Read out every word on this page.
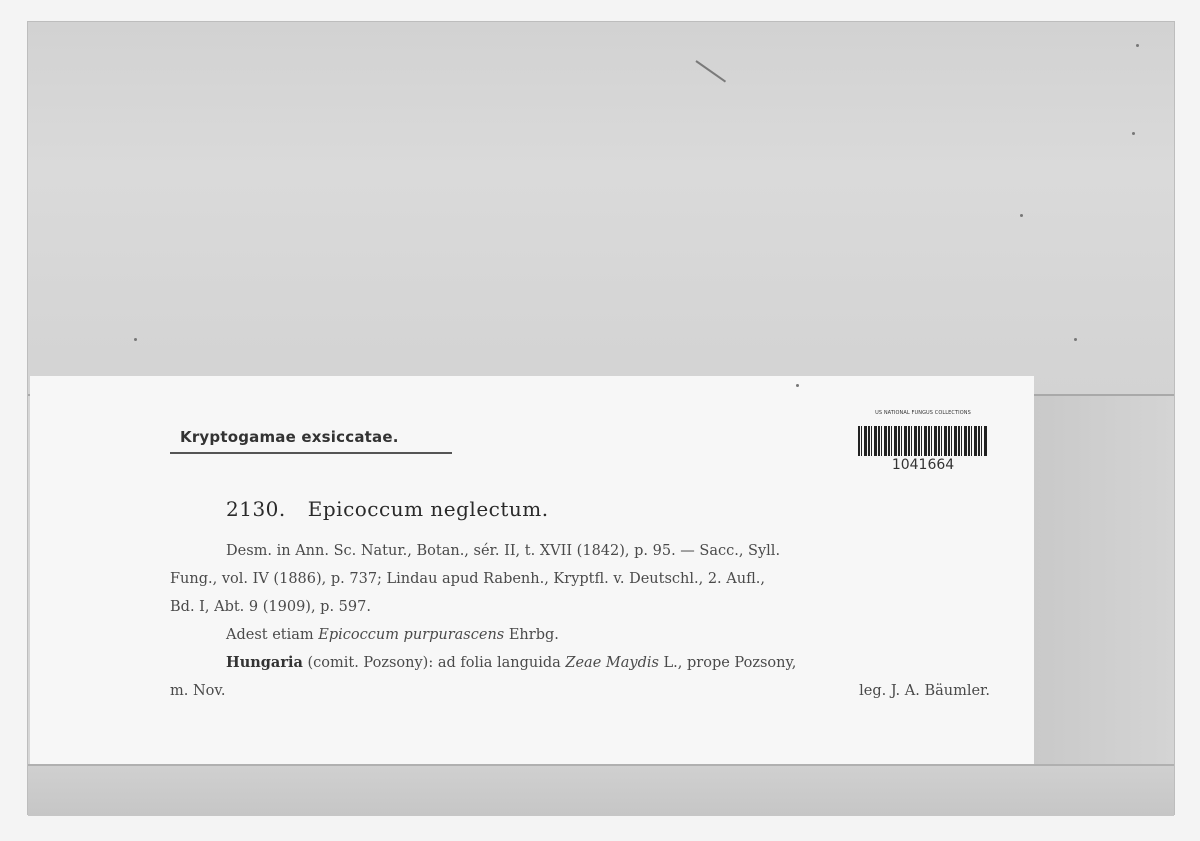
Kryptogamae exsiccatae.
US NATIONAL FUNGUS COLLECTIONS
1041664
2130. Epicoccum neglectum.
Desm. in Ann. Sc. Natur., Botan., sér. II, t. XVII (1842), p. 95. — Sacc., Syll.
Fung., vol. IV (1886), p. 737; Lindau apud Rabenh., Kryptfl. v. Deutschl., 2. Aufl.,
Bd. I, Abt. 9 (1909), p. 597.
Adest etiam Epicoccum purpurascens Ehrbg.
Hungaria (comit. Pozsony): ad folia languida Zeae Maydis L., prope Pozsony,
m. Nov.	leg. J. A. Bäumler.
